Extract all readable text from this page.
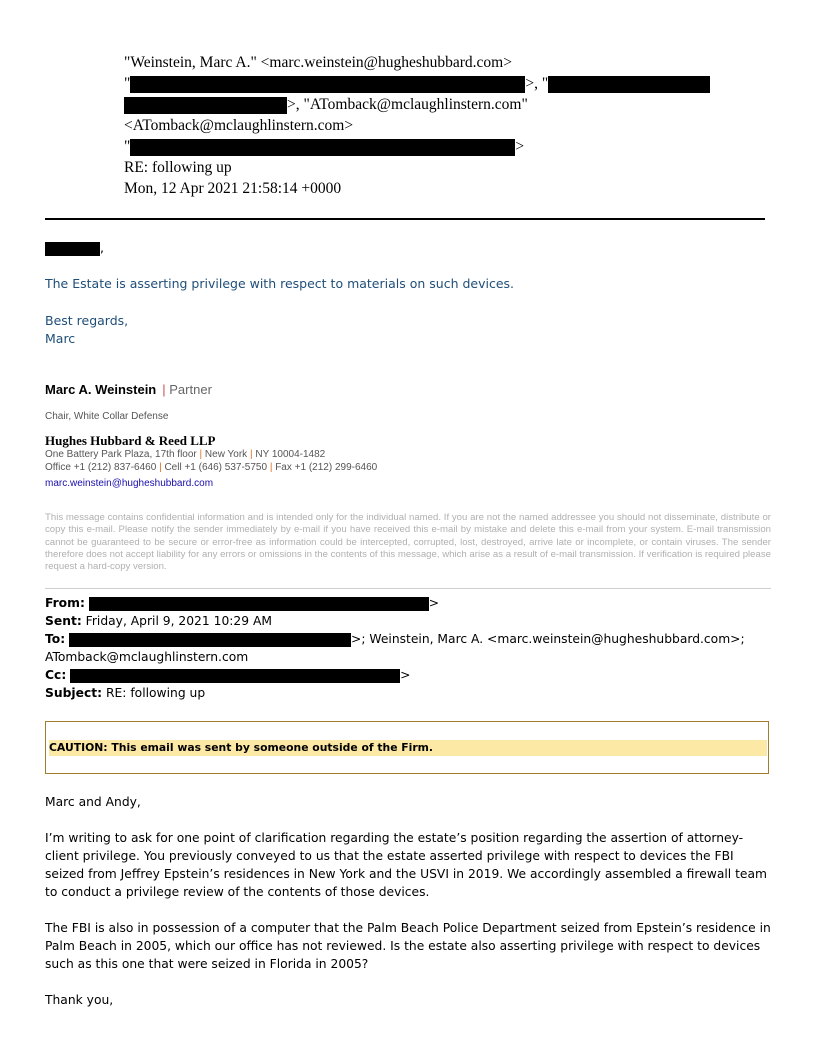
"Weinstein, Marc A." <marc.weinstein@hugheshubbard.com>
"	>, "
>, "ATomback@mclaughlinstern.com"
<ATomback@mclaughlinstern.com>
"	>
RE: following up
Mon, 12 Apr 2021 21:58:14 +0000
,
The Estate is asserting privilege with respect to materials on such devices.
Best regards,
Marc
Marc A. Weinstein | Partner
Chair, White Collar Defense
Hughes Hubbard & Reed LLP
One Battery Park Plaza, 17th floor | New York | NY 10004-1482
Office +1 (212) 837-6460 | Cell +1 (646) 537-5750 | Fax +1 (212) 299-6460
marc.weinstein@hugheshubbard.com
This message contains confidential information and is intended only for the individual named. If you are not the named addressee you should not disseminate, distribute or copy this e-mail. Please notify the sender immediately by e-mail if you have received this e-mail by mistake and delete this e-mail from your system. E-mail transmission cannot be guaranteed to be secure or error-free as information could be intercepted, corrupted, lost, destroyed, arrive late or incomplete, or contain viruses. The sender therefore does not accept liability for any errors or omissions in the contents of this message, which arise as a result of e-mail transmission. If verification is required please request a hard-copy version.
From:	>
Sent: Friday, April 9, 2021 10:29 AM
To:	>; Weinstein, Marc A. <marc.weinstein@hugheshubbard.com>;
ATomback@mclaughlinstern.com
Cc:	>
Subject: RE: following up
CAUTION: This email was sent by someone outside of the Firm.
Marc and Andy,
I’m writing to ask for one point of clarification regarding the estate’s position regarding the assertion of attorney-client privilege. You previously conveyed to us that the estate asserted privilege with respect to devices the FBI seized from Jeffrey Epstein’s residences in New York and the USVI in 2019. We accordingly assembled a firewall team to conduct a privilege review of the contents of those devices.
The FBI is also in possession of a computer that the Palm Beach Police Department seized from Epstein’s residence in Palm Beach in 2005, which our office has not reviewed. Is the estate also asserting privilege with respect to devices such as this one that were seized in Florida in 2005?
Thank you,
